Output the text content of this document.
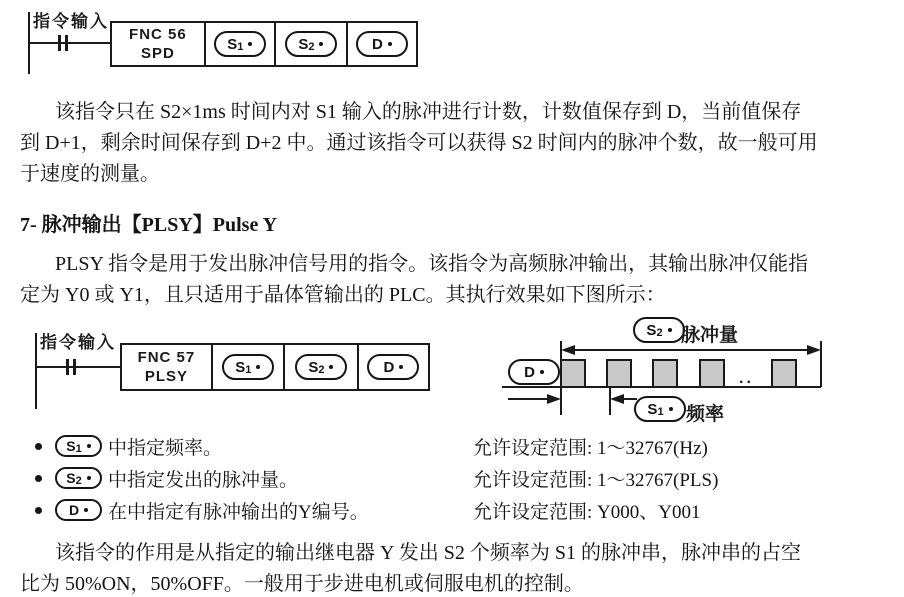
指令输入
FNC 56
SPD
S 1	S 2	D
该指令只在 S2×1ms 时间内对 S1 输入的脉冲进行计数，计数值保存到 D，当前值保存
到 D+1，剩余时间保存到 D+2 中。通过该指令可以获得 S2 时间内的脉冲个数，故一般可用
于速度的测量。
7- 脉冲输出【PLSY】Pulse Y
PLSY 指令是用于发出脉冲信号用的指令。该指令为高频脉冲输出，其输出脉冲仅能指
定为 Y0 或 Y1，且只适用于晶体管输出的 PLC。其执行效果如下图所示：
指令输入
FNC 57
PLSY
S 1	S 2	D
S 2 脉冲量
D	..
S 1 频率
S 1 中指定频率。	允许设定范围: 1～32767(Hz)
S 2 中指定发出的脉冲量。	允许设定范围: 1～32767(PLS)
D 在中指定有脉冲输出的Y编号。	允许设定范围: Y000、Y001
该指令的作用是从指定的输出继电器 Y 发出 S2 个频率为 S1 的脉冲串，脉冲串的占空
比为 50%ON，50%OFF。一般用于步进电机或伺服电机的控制。
